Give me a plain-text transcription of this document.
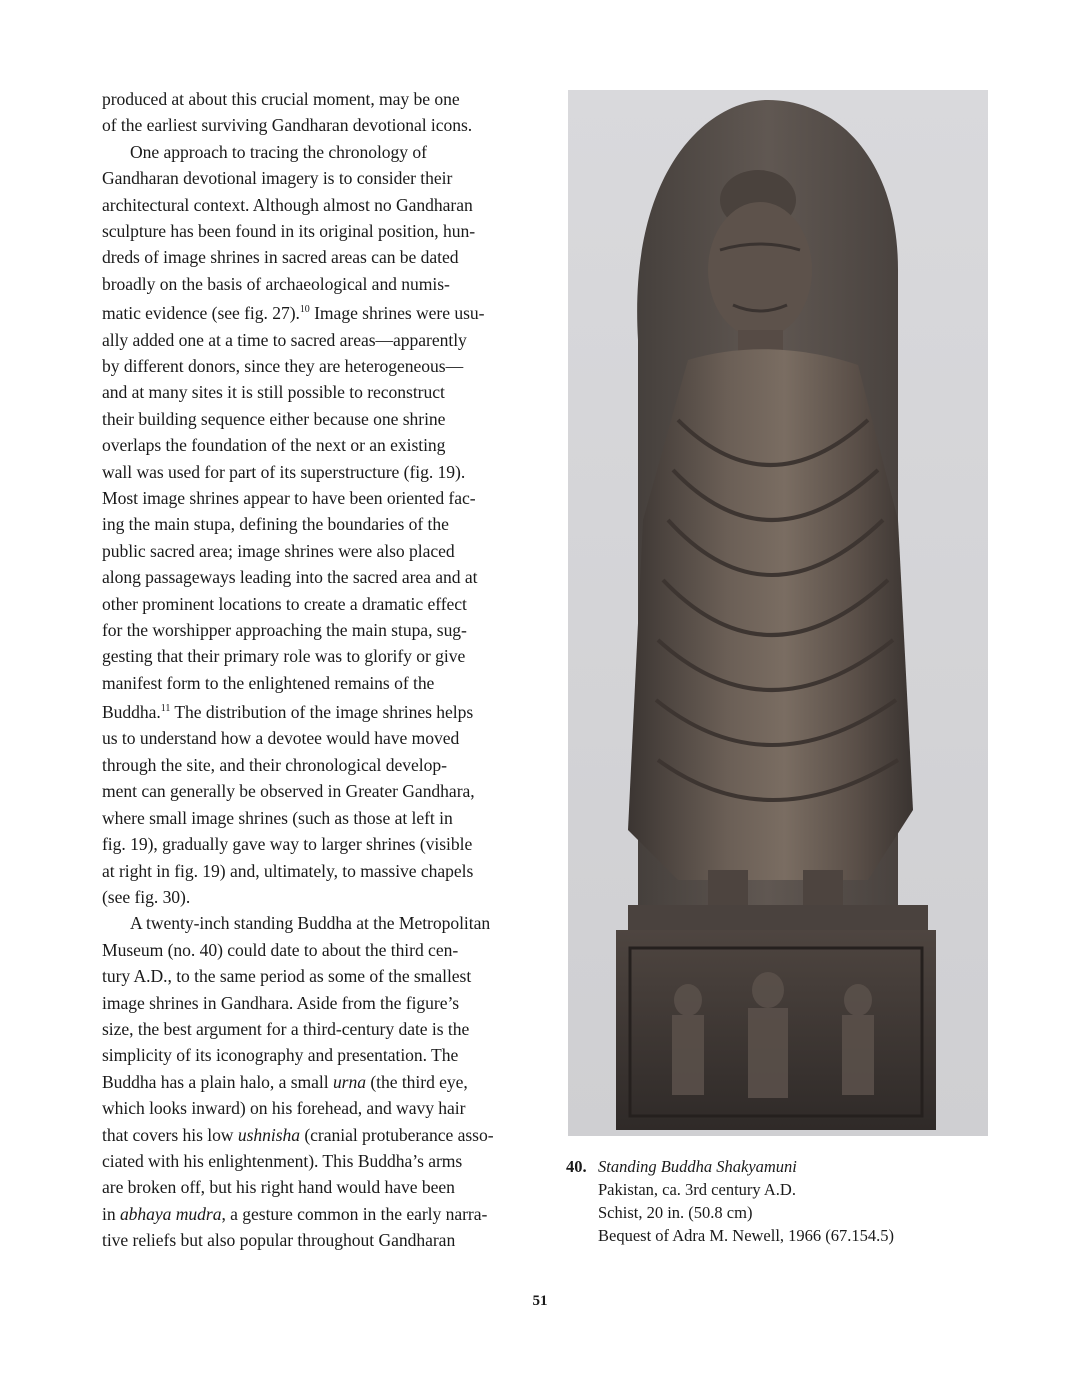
produced at about this crucial moment, may be one
of the earliest surviving Gandharan devotional icons.
One approach to tracing the chronology of
Gandharan devotional imagery is to consider their
architectural context. Although almost no Gandharan
sculpture has been found in its original position, hun-
dreds of image shrines in sacred areas can be dated
broadly on the basis of archaeological and numis-
matic evidence (see fig. 27).$^{10}$ Image shrines were usu-
ally added one at a time to sacred areas—apparently
by different donors, since they are heterogeneous—
and at many sites it is still possible to reconstruct
their building sequence either because one shrine
overlaps the foundation of the next or an existing
wall was used for part of its superstructure (fig. 19).
Most image shrines appear to have been oriented fac-
ing the main stupa, defining the boundaries of the
public sacred area; image shrines were also placed
along passageways leading into the sacred area and at
other prominent locations to create a dramatic effect
for the worshipper approaching the main stupa, sug-
gesting that their primary role was to glorify or give
manifest form to the enlightened remains of the
Buddha.$^{11}$ The distribution of the image shrines helps
us to understand how a devotee would have moved
through the site, and their chronological develop-
ment can generally be observed in Greater Gandhara,
where small image shrines (such as those at left in
fig. 19), gradually gave way to larger shrines (visible
at right in fig. 19) and, ultimately, to massive chapels
(see fig. 30).
A twenty-inch standing Buddha at the Metropolitan
Museum (no. 40) could date to about the third cen-
tury A.D., to the same period as some of the smallest
image shrines in Gandhara. Aside from the figure’s
size, the best argument for a third-century date is the
simplicity of its iconography and presentation. The
Buddha has a plain halo, a small urna (the third eye,
which looks inward) on his forehead, and wavy hair
that covers his low ushnisha (cranial protuberance asso-
ciated with his enlightenment). This Buddha’s arms
are broken off, but his right hand would have been
in abhaya mudra, a gesture common in the early narra-
tive reliefs but also popular throughout Gandharan
40. Standing Buddha Shakyamuni
Pakistan, ca. 3rd century A.D.
Schist, 20 in. (50.8 cm)
Bequest of Adra M. Newell, 1966 (67.154.5)
51
